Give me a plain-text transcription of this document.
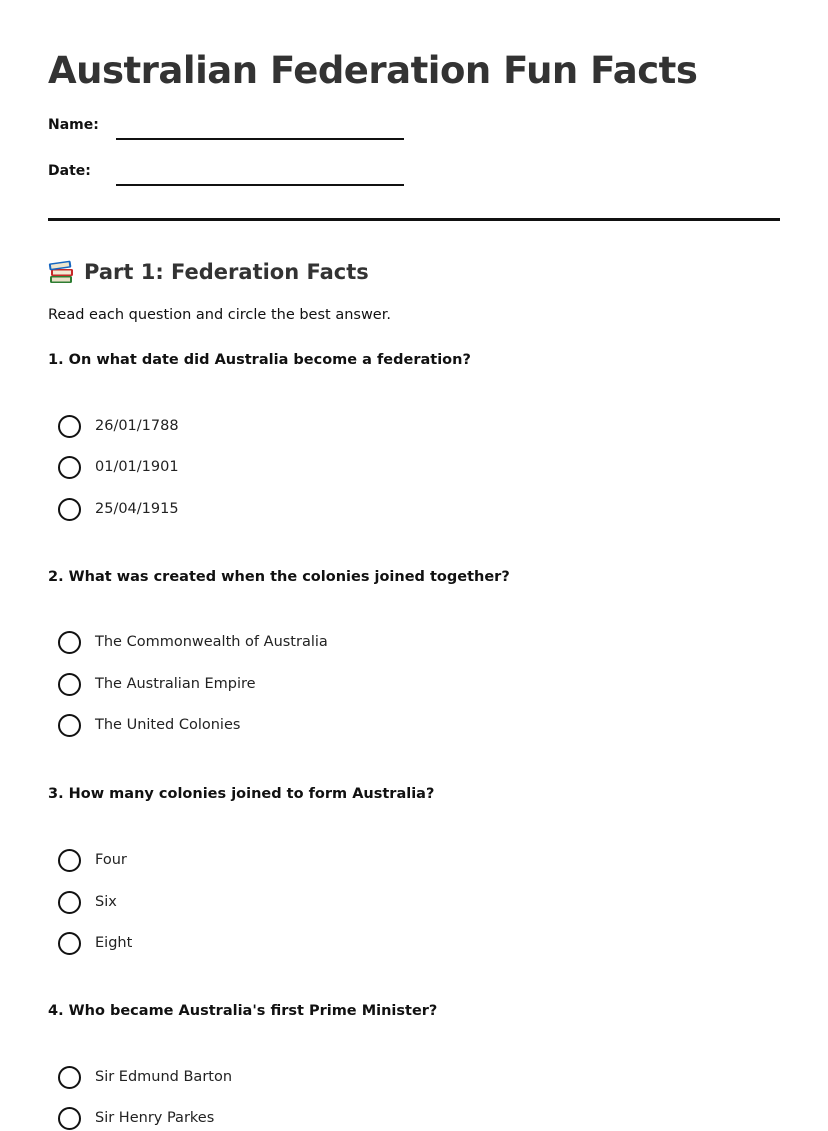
Australian Federation Fun Facts
Name:
Date:
Part 1: Federation Facts
Read each question and circle the best answer.
1. On what date did Australia become a federation?
26/01/1788
01/01/1901
25/04/1915
2. What was created when the colonies joined together?
The Commonwealth of Australia
The Australian Empire
The United Colonies
3. How many colonies joined to form Australia?
Four
Six
Eight
4. Who became Australia's first Prime Minister?
Sir Edmund Barton
Sir Henry Parkes
